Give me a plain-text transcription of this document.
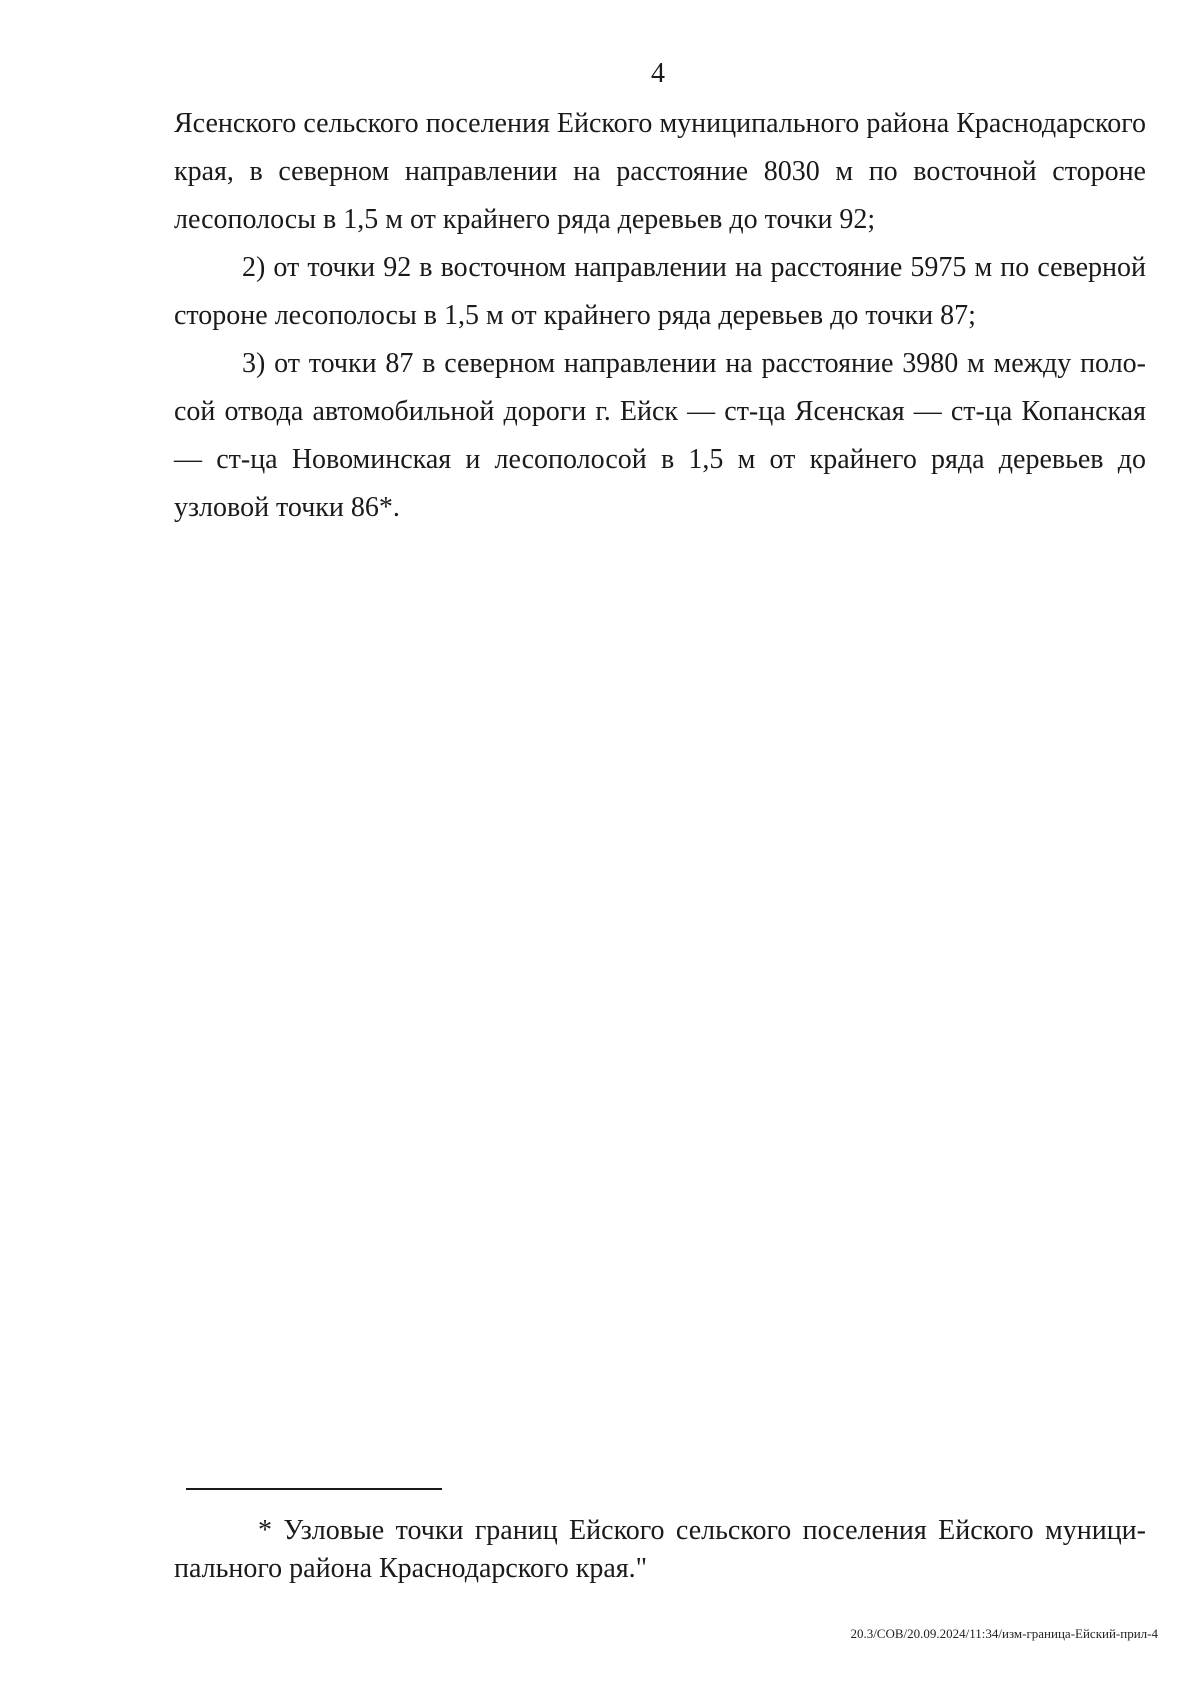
4

Ясенского сельского поселения Ейского муниципального района Краснодарского края, в северном направлении на расстояние 8030 м по восточной стороне лесополосы в 1,5 м от крайнего ряда деревьев до точки 92;

2) от точки 92 в восточном направлении на расстояние 5975 м по северной стороне лесополосы в 1,5 м от крайнего ряда деревьев до точки 87;

3) от точки 87 в северном направлении на расстояние 3980 м между полосой отвода автомобильной дороги г. Ейск — ст-ца Ясенская — ст-ца Копанская — ст-ца Новоминская и лесополосой в 1,5 м от крайнего ряда деревьев до узловой точки 86*.

* Узловые точки границ Ейского сельского поселения Ейского муниципального района Краснодарского края."

20.3/СОВ/20.09.2024/11:34/изм-граница-Ейский-прил-4
